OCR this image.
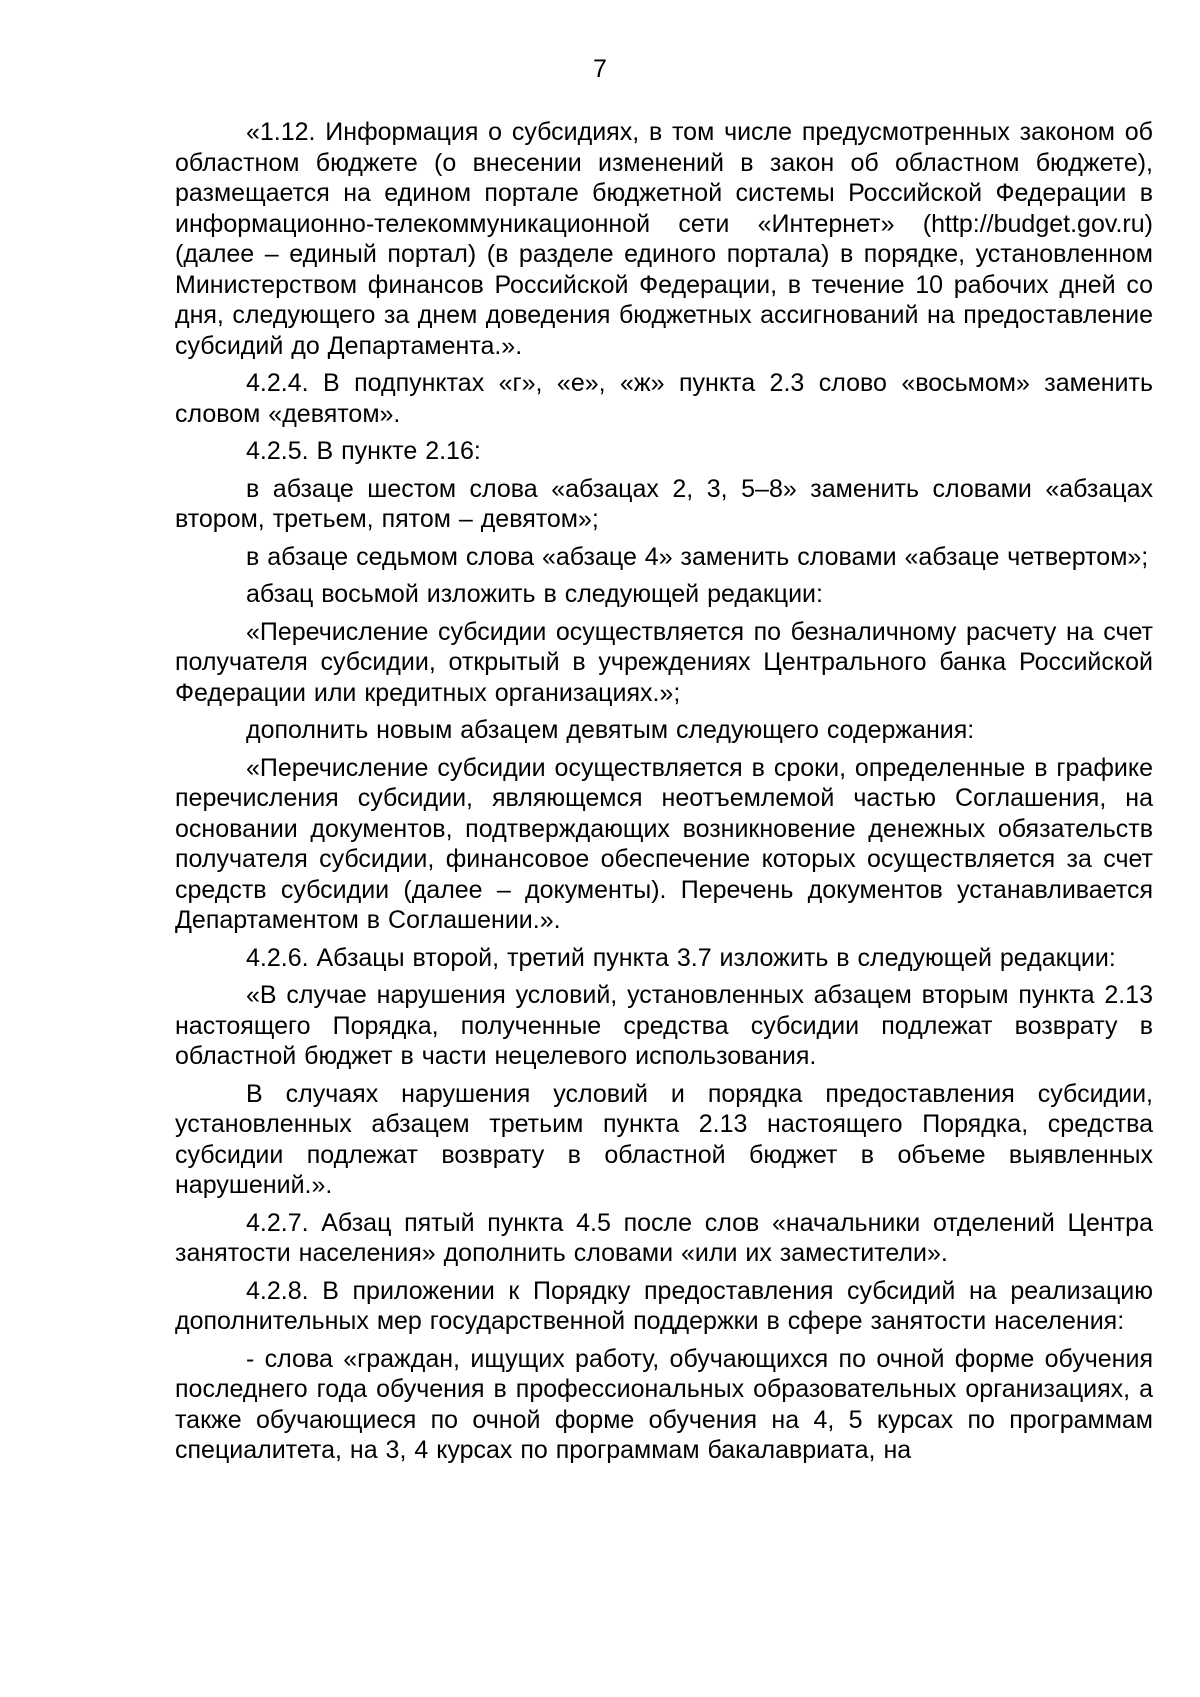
7

«1.12. Информация о субсидиях, в том числе предусмотренных законом об областном бюджете (о внесении изменений в закон об областном бюджете), размещается на едином портале бюджетной системы Российской Федерации в информационно-телекоммуникационной сети «Интернет» (http://budget.gov.ru) (далее – единый портал) (в разделе единого портала) в порядке, установленном Министерством финансов Российской Федерации, в течение 10 рабочих дней со дня, следующего за днем доведения бюджетных ассигнований на предоставление субсидий до Департамента.».

4.2.4. В подпунктах «г», «е», «ж» пункта 2.3 слово «восьмом» заменить словом «девятом».

4.2.5. В пункте 2.16:

в абзаце шестом слова «абзацах 2, 3, 5–8» заменить словами «абзацах втором, третьем, пятом – девятом»;

в абзаце седьмом слова «абзаце 4» заменить словами «абзаце четвертом»;

абзац восьмой изложить в следующей редакции:

«Перечисление субсидии осуществляется по безналичному расчету на счет получателя субсидии, открытый в учреждениях Центрального банка Российской Федерации или кредитных организациях.»;

дополнить новым абзацем девятым следующего содержания:

«Перечисление субсидии осуществляется в сроки, определенные в графике перечисления субсидии, являющемся неотъемлемой частью Соглашения, на основании документов, подтверждающих возникновение денежных обязательств получателя субсидии, финансовое обеспечение которых осуществляется за счет средств субсидии (далее – документы). Перечень документов устанавливается Департаментом в Соглашении.».

4.2.6. Абзацы второй, третий пункта 3.7 изложить в следующей редакции:

«В случае нарушения условий, установленных абзацем вторым пункта 2.13 настоящего Порядка, полученные средства субсидии подлежат возврату в областной бюджет в части нецелевого использования.

В случаях нарушения условий и порядка предоставления субсидии, установленных абзацем третьим пункта 2.13 настоящего Порядка, средства субсидии подлежат возврату в областной бюджет в объеме выявленных нарушений.».

4.2.7. Абзац пятый пункта 4.5 после слов «начальники отделений Центра занятости населения» дополнить словами «или их заместители».

4.2.8. В приложении к Порядку предоставления субсидий на реализацию дополнительных мер государственной поддержки в сфере занятости населения:

- слова «граждан, ищущих работу, обучающихся по очной форме обучения последнего года обучения в профессиональных образовательных организациях, а также обучающиеся по очной форме обучения на 4, 5 курсах по программам специалитета, на 3, 4 курсах по программам бакалавриата, на
